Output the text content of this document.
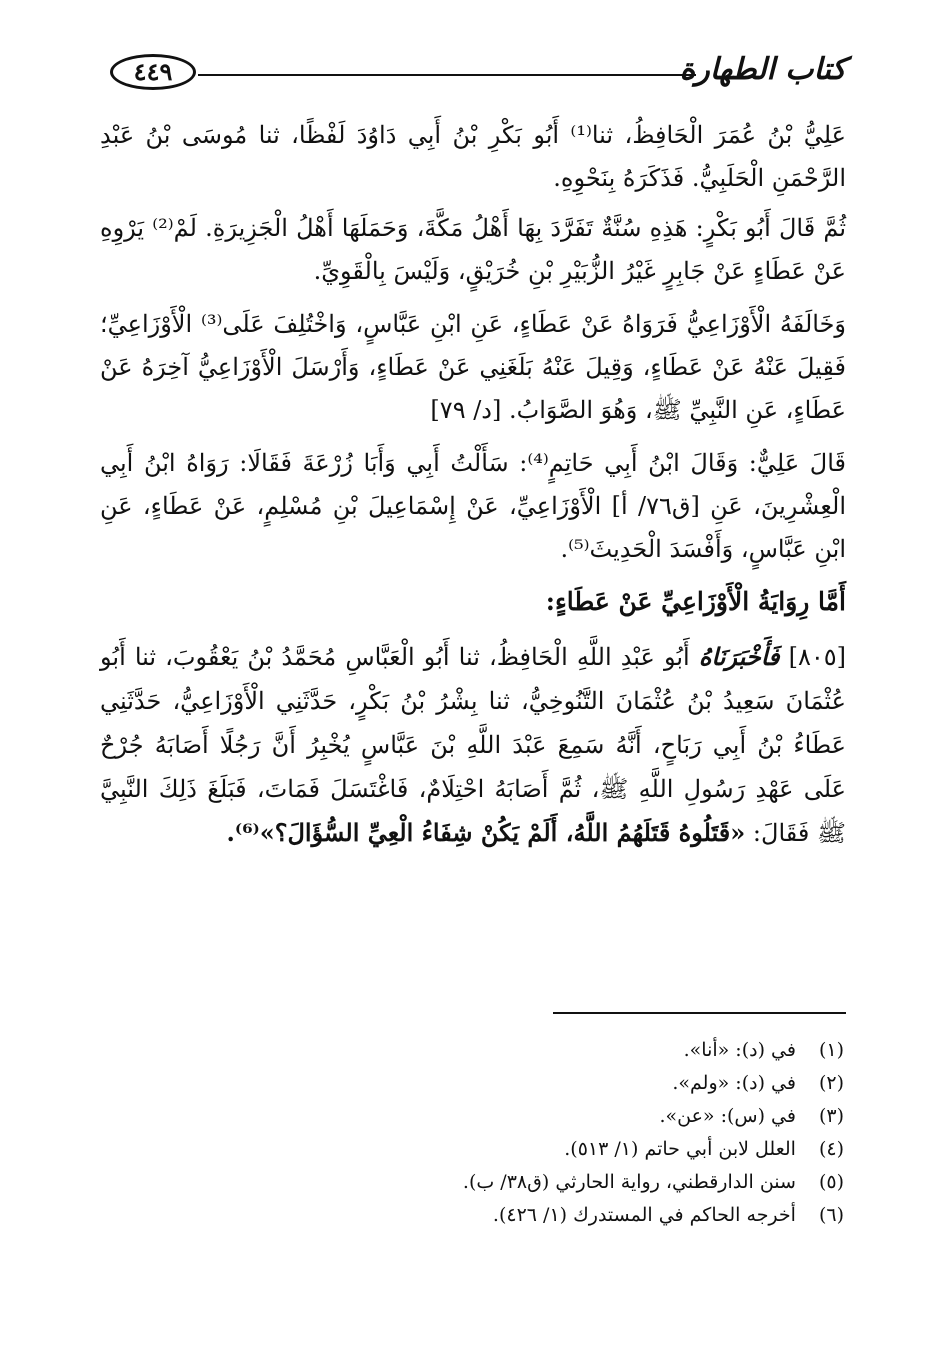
كتاب الطهارة
٤٤٩

عَلِيُّ بْنُ عُمَرَ الْحَافِظُ، ثنا⁽¹⁾ أَبُو بَكْرِ بْنُ أَبِي دَاوُدَ لَفْظًا، ثنا مُوسَى بْنُ عَبْدِ الرَّحْمَنِ الْحَلَبِيُّ. فَذَكَرَهُ بِنَحْوِهِ.

ثُمَّ قَالَ أَبُو بَكْرٍ: هَذِهِ سُنَّةٌ تَفَرَّدَ بِهَا أَهْلُ مَكَّةَ، وَحَمَلَهَا أَهْلُ الْجَزِيرَةِ. لَمْ⁽²⁾ يَرْوِهِ عَنْ عَطَاءٍ عَنْ جَابِرٍ غَيْرُ الزُّبَيْرِ بْنِ خُرَيْقٍ، وَلَيْسَ بِالْقَوِيِّ.

وَخَالَفَهُ الْأَوْزَاعِيُّ فَرَوَاهُ عَنْ عَطَاءٍ، عَنِ ابْنِ عَبَّاسٍ، وَاخْتُلِفَ عَلَى⁽³⁾ الْأَوْزَاعِيِّ؛ فَقِيلَ عَنْهُ عَنْ عَطَاءٍ، وَقِيلَ عَنْهُ بَلَغَنِي عَنْ عَطَاءٍ، وَأَرْسَلَ الْأَوْزَاعِيُّ آخِرَهُ عَنْ عَطَاءٍ، عَنِ النَّبِيِّ ﷺ، وَهُوَ الصَّوَابُ. [د/ ٧٩]

قَالَ عَلِيٌّ: وَقَالَ ابْنُ أَبِي حَاتِمٍ⁽⁴⁾: سَأَلْتُ أَبِي وَأَبَا زُرْعَةَ فَقَالَا: رَوَاهُ ابْنُ أَبِي الْعِشْرِينَ، عَنِ [ق٧٦/ أ] الْأَوْزَاعِيِّ، عَنْ إِسْمَاعِيلَ بْنِ مُسْلِمٍ، عَنْ عَطَاءٍ، عَنِ ابْنِ عَبَّاسٍ، وَأَفْسَدَ الْحَدِيثَ⁽⁵⁾.

أَمَّا رِوَايَةُ الْأَوْزَاعِيِّ عَنْ عَطَاءٍ:

[٨٠٥] فَأَخْبَرَنَاهُ أَبُو عَبْدِ اللَّهِ الْحَافِظُ، ثنا أَبُو الْعَبَّاسِ مُحَمَّدُ بْنُ يَعْقُوبَ، ثنا أَبُو عُثْمَانَ سَعِيدُ بْنُ عُثْمَانَ التَّنُوخِيُّ، ثنا بِشْرُ بْنُ بَكْرٍ، حَدَّثَنِي الْأَوْزَاعِيُّ، حَدَّثَنِي عَطَاءُ بْنُ أَبِي رَبَاحٍ، أَنَّهُ سَمِعَ عَبْدَ اللَّهِ بْنَ عَبَّاسٍ يُخْبِرُ أَنَّ رَجُلًا أَصَابَهُ جُرْحٌ عَلَى عَهْدِ رَسُولِ اللَّهِ ﷺ، ثُمَّ أَصَابَهُ احْتِلَامٌ، فَاغْتَسَلَ فَمَاتَ، فَبَلَغَ ذَلِكَ النَّبِيَّ ﷺ فَقَالَ: «قَتَلُوهُ قَتَلَهُمُ اللَّهُ، أَلَمْ يَكُنْ شِفَاءُ الْعِيِّ السُّؤَالَ؟»⁽⁶⁾.

(١) في (د): «أنا».
(٢) في (د): «ولم».
(٣) في (س): «عن».
(٤) العلل لابن أبي حاتم (١/ ٥١٣).
(٥) سنن الدارقطني، رواية الحارثي (ق٣٨/ ب).
(٦) أخرجه الحاكم في المستدرك (١/ ٤٢٦).
